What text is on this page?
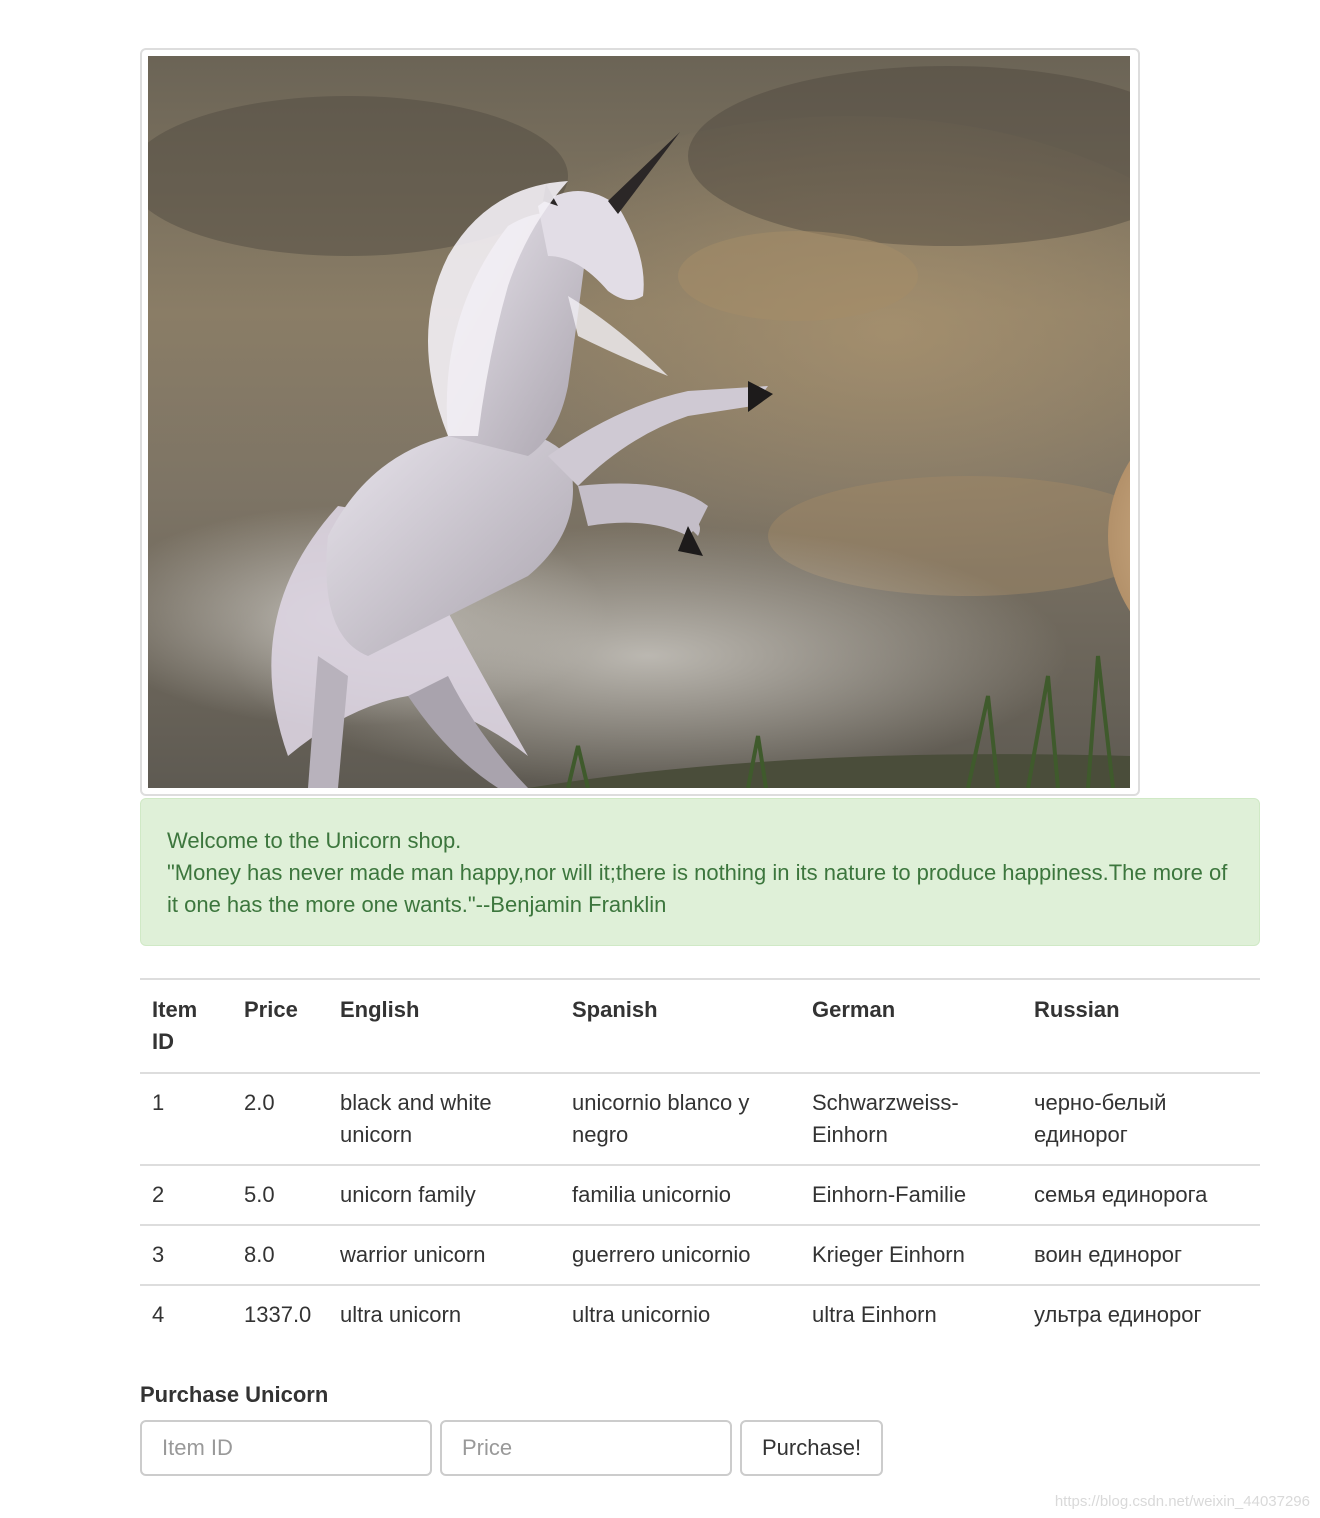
Welcome to the Unicorn shop.

"Money has never made man happy,nor will it;there is nothing in its nature to produce happiness.The more of it one has the more one wants."--Benjamin Franklin

Item ID	Price	English	Spanish	German	Russian
1	2.0	black and white unicorn	unicornio blanco y negro	Schwarzweiss-Einhorn	черно-белый единорог
2	5.0	unicorn family	familia unicornio	Einhorn-Familie	семья единорога
3	8.0	warrior unicorn	guerrero unicornio	Krieger Einhorn	воин единорог
4	1337.0	ultra unicorn	ultra unicornio	ultra Einhorn	ультра единорог
Purchase Unicorn
Item ID
Price
Purchase!
https://blog.csdn.net/weixin_44037296
